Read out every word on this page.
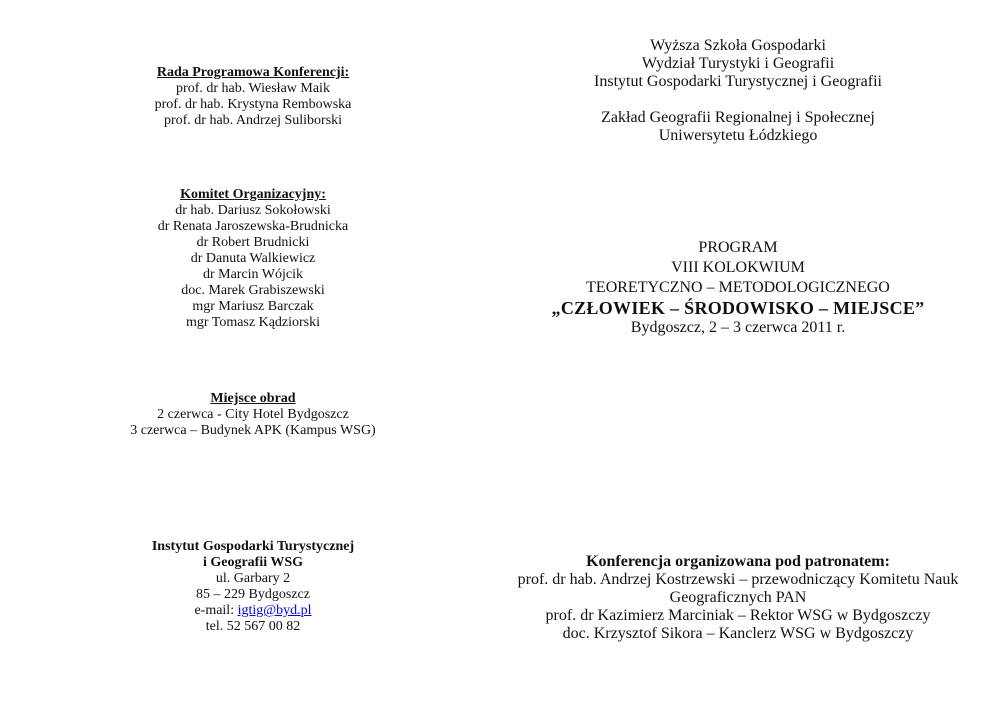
Rada Programowa Konferencji:
prof. dr hab. Wiesław Maik
prof. dr hab. Krystyna Rembowska
prof. dr hab. Andrzej Suliborski
Komitet Organizacyjny:
dr hab. Dariusz Sokołowski
dr Renata Jaroszewska-Brudnicka
dr Robert Brudnicki
dr Danuta Walkiewicz
dr Marcin Wójcik
doc. Marek Grabiszewski
mgr Mariusz Barczak
mgr Tomasz Kądziorski
Miejsce obrad
2 czerwca - City Hotel Bydgoszcz
3 czerwca – Budynek APK (Kampus WSG)
Instytut Gospodarki Turystycznej
i Geografii WSG
ul. Garbary 2
85 – 229 Bydgoszcz
e-mail: igtig@byd.pl
tel. 52 567 00 82
Wyższa Szkoła Gospodarki
Wydział Turystyki i Geografii
Instytut Gospodarki Turystycznej i Geografii
Zakład Geografii Regionalnej i Społecznej
Uniwersytetu Łódzkiego
PROGRAM
VIII KOLOKWIUM
TEORETYCZNO – METODOLOGICZNEGO
„CZŁOWIEK – ŚRODOWISKO – MIEJSCE”
Bydgoszcz, 2 – 3 czerwca 2011 r.
Konferencja organizowana pod patronatem:
prof. dr hab. Andrzej Kostrzewski – przewodniczący Komitetu Nauk Geograficznych PAN
prof. dr Kazimierz Marciniak – Rektor WSG w Bydgoszczy
doc. Krzysztof Sikora – Kanclerz WSG w Bydgoszczy
